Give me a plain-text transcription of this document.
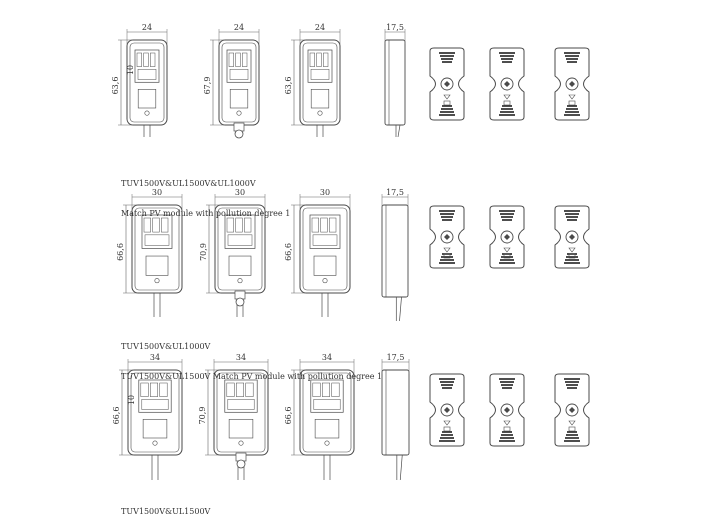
24
63,6
10
24
67,9
24
63,6
17,5
30
66,6
30
70,9
30
66,6
17,5
34
66,6
10
34
70,9
34
66,6
17,5

TUV1500V&UL1500V&UL1000V

Match PV module with pollution degree 1

TUV1500V&UL1000V

TUV1500V&UL1500V Match PV module with pollution degree 1

TUV1500V&UL1500V
